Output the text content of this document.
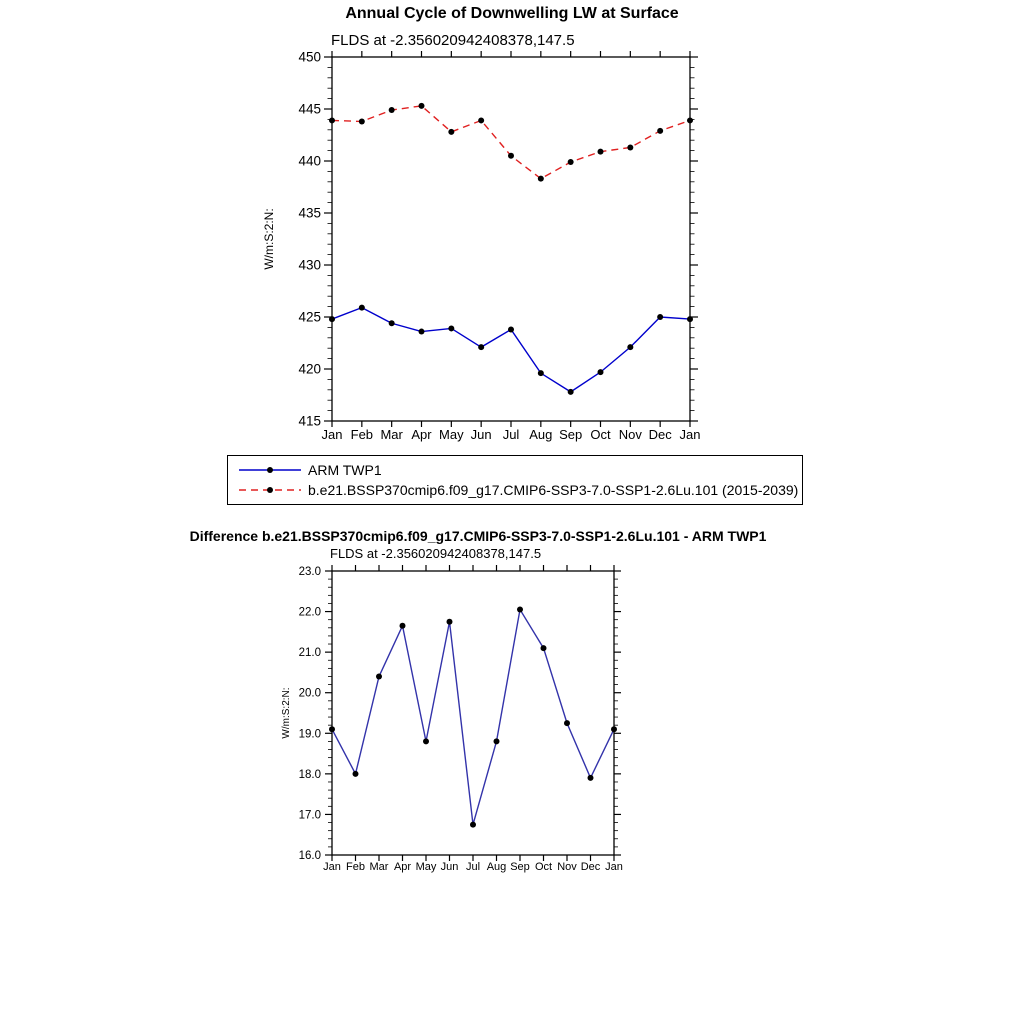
Annual Cycle of Downwelling LW at Surface
FLDS at -2.356020942408378,147.5
415
420
425
430
435
440
445
450
Jan Feb Mar Apr May Jun Jul Aug Sep Oct Nov Dec Jan
W/m:S:2:N:
16.0
17.0
18.0
19.0
20.0
21.0
22.0
23.0
Jan Feb Mar Apr May Jun Jul Aug Sep Oct Nov Dec Jan
W/m:S:2:N:
ARM TWP1
b.e21.BSSP370cmip6.f09_g17.CMIP6-SSP3-7.0-SSP1-2.6Lu.101 (2015-2039)
Difference b.e21.BSSP370cmip6.f09_g17.CMIP6-SSP3-7.0-SSP1-2.6Lu.101 - ARM TWP1
FLDS at -2.356020942408378,147.5
